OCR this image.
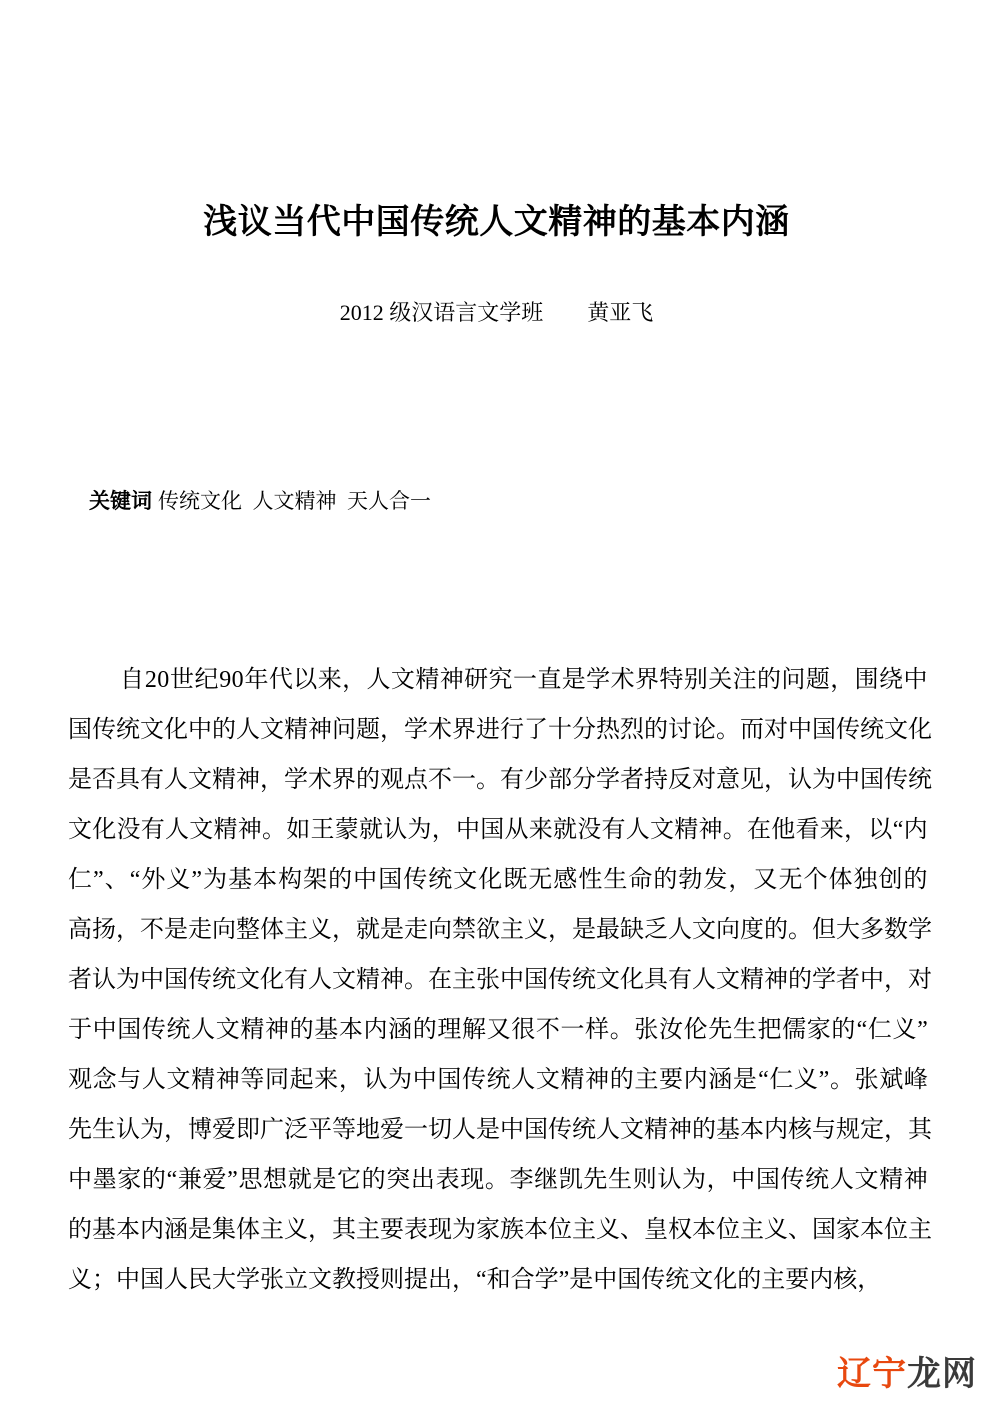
浅议当代中国传统人文精神的基本内涵
2012 级汉语言文学班        黄亚飞

关键词 传统文化  人文精神  天人合一

自 2 0 世 纪 9 0 年 代 以 来 ， 人 文 精 神 研 究 一 直 是 学 术 界 特 别 关 注 的 问 题 ， 围 绕 中
国 传 统 文 化 中 的 人 文 精 神 问 题 ， 学 术 界 进 行 了 十 分 热 烈 的 讨 论 。 而 对 中 国 传 统 文 化
是 否 具 有 人 文 精 神 ， 学 术 界 的 观 点 不 一 。 有 少 部 分 学 者 持 反 对 意 见 ， 认 为 中 国 传 统
文 化 没 有 人 文 精 神 。 如 王 蒙 就 认 为 ， 中 国 从 来 就 没 有 人 文 精 神 。 在 他 看 来 ， 以 “ 内
仁 ” 、 “ 外 义 ” 为 基 本 构 架 的 中 国 传 统 文 化 既 无 感 性 生 命 的 勃 发 ， 又 无 个 体 独 创 的
高 扬 ， 不 是 走 向 整 体 主 义 ， 就 是 走 向 禁 欲 主 义 ， 是 最 缺 乏 人 文 向 度 的 。 但 大 多 数 学
者 认 为 中 国 传 统 文 化 有 人 文 精 神 。 在 主 张 中 国 传 统 文 化 具 有 人 文 精 神 的 学 者 中 ， 对
于 中 国 传 统 人 文 精 神 的 基 本 内 涵 的 理 解 又 很 不 一 样 。 张 汝 伦 先 生 把 儒 家 的 “ 仁 义 ”
观 念 与 人 文 精 神 等 同 起 来 ， 认 为 中 国 传 统 人 文 精 神 的 主 要 内 涵 是 “ 仁 义 ” 。 张 斌 峰
先 生 认 为 ， 博 爱 即 广 泛 平 等 地 爱 一 切 人 是 中 国 传 统 人 文 精 神 的 基 本 内 核 与 规 定 ， 其
中 墨 家 的 “ 兼 爱 ” 思 想 就 是 它 的 突 出 表 现 。 李 继 凯 先 生 则 认 为 ， 中 国 传 统 人 文 精 神
的 基 本 内 涵 是 集 体 主 义 ， 其 主 要 表 现 为 家 族 本 位 主 义 、 皇 权 本 位 主 义 、 国 家 本 位 主
义；中国人民大学张立文教授则提出，“和合学”是中国传统文化的主要内核，
辽宁龙网
